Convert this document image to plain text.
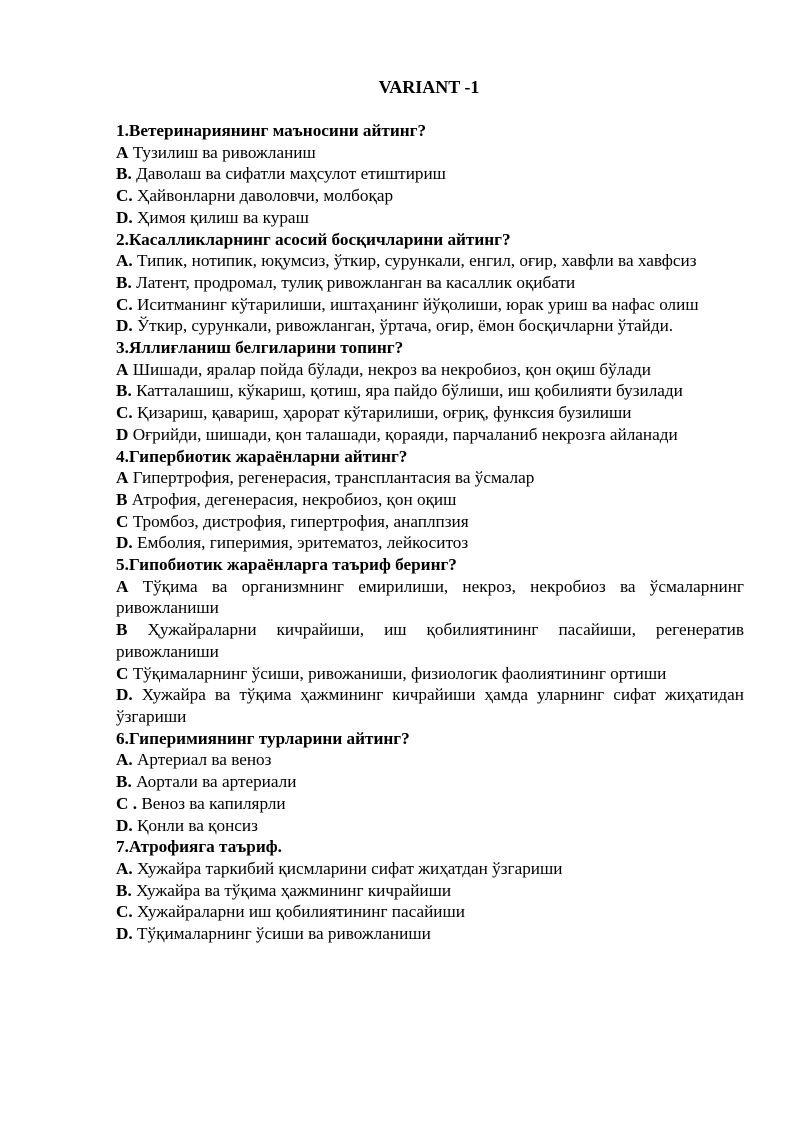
VARIANT -1

1.Ветеринариянинг маъносини айтинг?

A Тузилиш ва ривожланиш

B. Даволаш ва сифатли маҳсулот етиштириш

C. Ҳайвонларни даволовчи, молбоқар

D. Ҳимоя қилиш ва кураш

2.Касалликларнинг асосий босқичларини айтинг?

A. Типик, нотипик, юқумсиз, ўткир, сурункали, енгил, оғир, хавфли ва хавфсиз

B. Латент, продромал, тулиқ ривожланган ва касаллик оқибати

C. Иситманинг кўтарилиши, иштаҳанинг йўқолиши, юрак уриш ва нафас олиш

D. Ўткир, сурункали, ривожланган, ўртача, оғир, ёмон босқичларни ўтайди.

3.Яллиғланиш белгиларини топинг?

A Шишади, яралар пойда бўлади, некроз ва некробиоз, қон оқиш бўлади

B. Катталашиш, кўкариш, қотиш, яра пайдо бўлиши, иш қобилияти бузилади

C. Қизариш, қавариш, ҳарорат кўтарилиши, оғриқ, функсия бузилиши

D Оғрийди, шишади, қон талашади, қораяди, парчаланиб некрозга айланади

4.Гипербиотик жараёнларни айтинг?

A Гипертрофия, регенерасия, трансплантасия ва ўсмалар

B Атрофия, дегенерасия, некробиоз, қон оқиш

C Тромбоз, дистрофия, гипертрофия, анаплпзия

D. Емболия, гиперимия, эритематоз, лейкоситоз

5.Гипобиотик жараёнларга таъриф беринг?

A Тўқима ва организмнинг емирилиши, некроз, некробиоз ва ўсмаларнинг ривожланиши

B Ҳужайраларни кичрайиши, иш қобилиятининг пасайиши, регенератив ривожланиши

C Тўқималарнинг ўсиши, ривожаниши, физиологик фаолиятининг ортиши

D. Хужайра ва тўқима ҳажмининг кичрайиши ҳамда уларнинг сифат жиҳатидан ўзгариши

6.Гиперимиянинг турларини айтинг?

A. Артериал ва веноз

B. Аортали ва артериали

C . Веноз ва капилярли

D. Қонли ва қонсиз

7.Атрофияга таъриф.

A. Хужайра таркибий қисмларини сифат жиҳатдан ўзгариши

B. Хужайра ва тўқима ҳажмининг кичрайиши

C. Хужайраларни иш қобилиятининг пасайиши

D. Тўқималарнинг ўсиши ва ривожланиши
